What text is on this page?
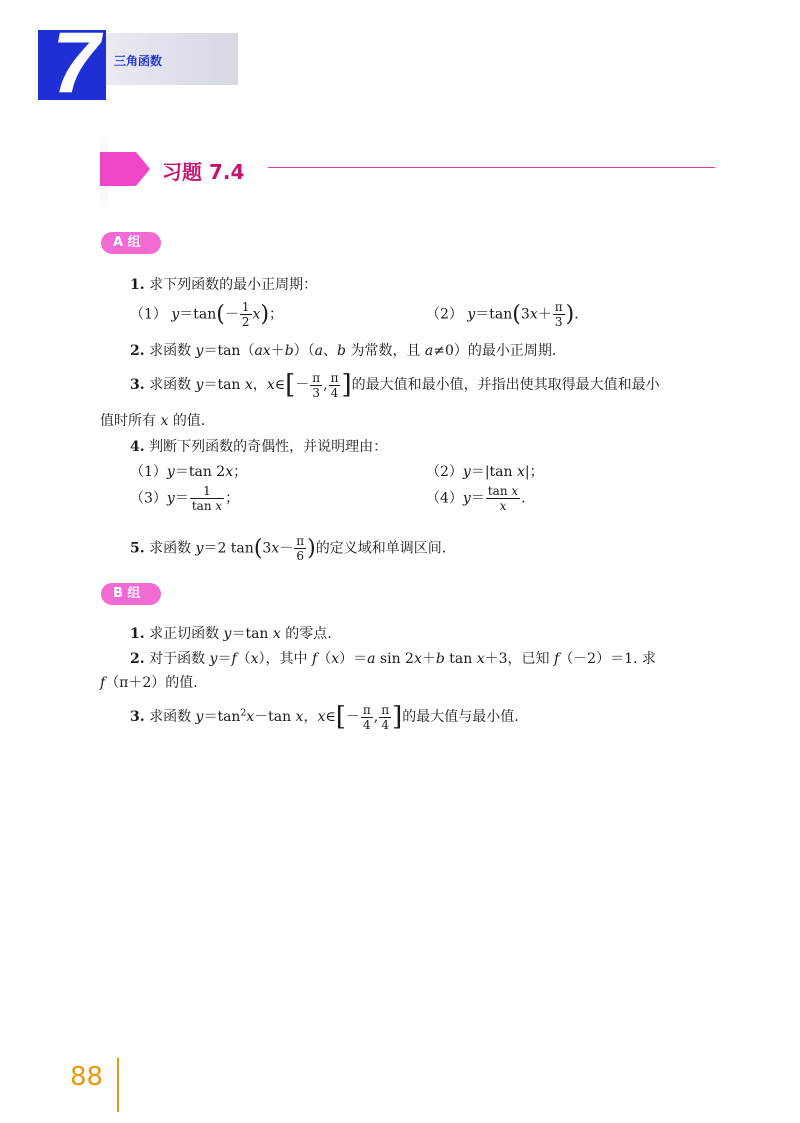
7 三角函数
习题 7.4
A 组
1. 求下列函数的最小正周期：
（1） $y=\tan(- \frac{1}{2} x)$；	（2） $y=\tan(3x+ \frac{\pi}{3}$ ).
2. 求函数 y＝tan（ax＋b）（a、b 为常数，且 a≠0）的最小正周期.
3. 求函数 y＝tan x，x∈[－ $\frac{\pi}{3}$ , $\frac{\pi}{4}$ ]的最大值和最小值，并指出使其取得最大值和最小
值时所有 x 的值.
4. 判断下列函数的奇偶性，并说明理由：
（1）y＝tan 2x；	（2）y＝|tan x|；
$(3)y= \frac{1}{\text{tan x}}$ ；	$(4)y= \frac{\text{tan x}}{x}$ .
5. 求函数 y＝2 $\tan(3x- \frac{\pi}{6}$ )的定义域和单调区间.
B 组
1. 求正切函数 y＝tan x 的零点.
2. 对于函数 y＝f（x），其中 f（x）＝a sin 2x＋b tan x＋3，已知 f（－2）＝1. 求
f（π＋2）的值.
3. 求函数 $y=\tan^2x-\tan$ x，x∈[－ $\frac{\pi}{4}$ , $\frac{\pi}{4}$ ]的最大值与最小值.
88
